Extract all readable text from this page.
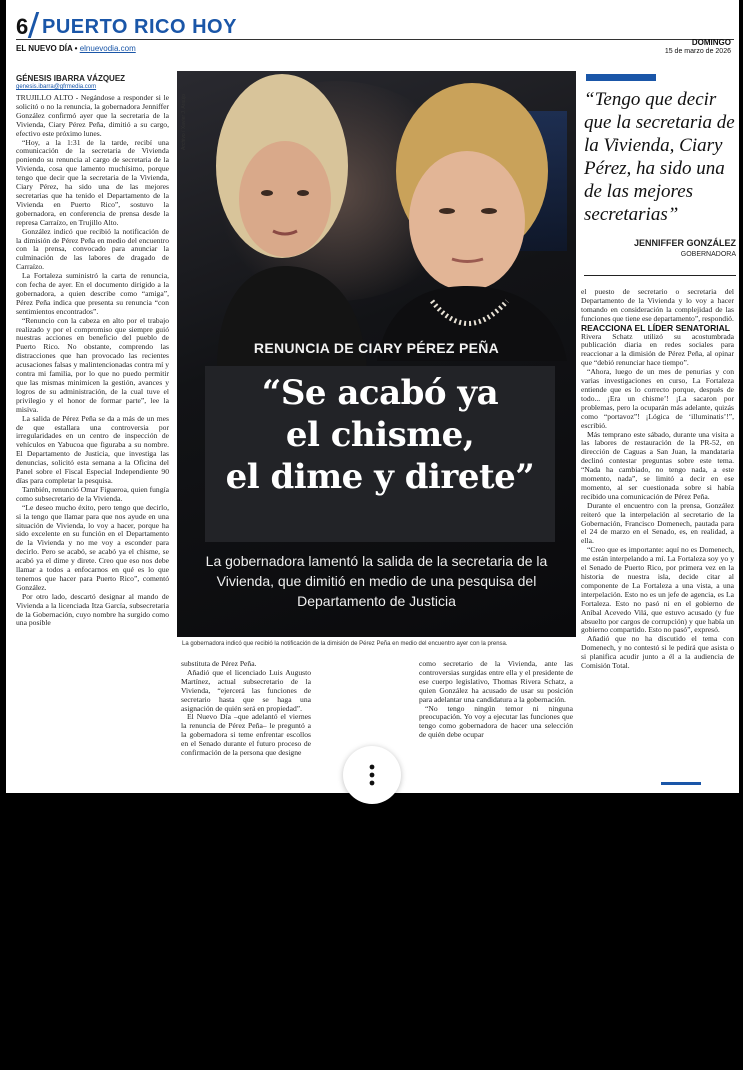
6 PUERTO RICO HOY
EL NUEVO DÍA • elnuevodia.com
DOMINGO
15 de marzo de 2026
GÉNESIS IBARRA VÁZQUEZ
genesis.ibarra@gfrmedia.com

TRUJILLO ALTO - Negándose a responder si le solicitó o no la renuncia, la gobernadora Jenniffer González confirmó ayer que la secretaria de la Vivienda, Ciary Pérez Peña, dimitió a su cargo, efectivo este próximo lunes.

“Hoy, a la 1:31 de la tarde, recibí una comunicación de la secretaria de Vivienda poniendo su renuncia al cargo de secretaria de la Vivienda, cosa que lamento muchísimo, porque tengo que decir que la secretaria de la Vivienda, Ciary Pérez, ha sido una de las mejores secretarias que ha tenido el Departamento de la Vivienda en Puerto Rico”, sostuvo la gobernadora, en conferencia de prensa desde la represa Carraízo, en Trujillo Alto.

González indicó que recibió la notificación de la dimisión de Pérez Peña en medio del encuentro con la prensa, convocado para anunciar la culminación de las labores de dragado de Carraízo.

La Fortaleza suministró la carta de renuncia, con fecha de ayer. En el documento dirigido a la gobernadora, a quien describe como “amiga”, Pérez Peña indica que presenta su renuncia “con sentimientos encontrados”.

“Renuncio con la cabeza en alto por el trabajo realizado y por el compromiso que siempre guió nuestras acciones en beneficio del pueblo de Puerto Rico. No obstante, comprendo las distracciones que han provocado las recientes acusaciones falsas y malintencionadas contra mí y contra mi familia, por lo que no puedo permitir que las mismas minimicen la gestión, avances y logros de su administración, de la cual tuve el privilegio y el honor de formar parte”, lee la misiva.

La salida de Pérez Peña se da a más de un mes de que estallara una controversia por irregularidades en un centro de inspección de vehículos en Yabucoa que figuraba a su nombre. El Departamento de Justicia, que investiga las denuncias, solicitó esta semana a la Oficina del Panel sobre el Fiscal Especial Independiente 90 días para completar la pesquisa.

También, renunció Omar Figueroa, quien fungía como subsecretario de la Vivienda.

“Le deseo mucho éxito, pero tengo que decirlo, si la tengo que llamar para que nos ayude en una situación de Vivienda, lo voy a hacer, porque ha sido excelente en su función en el Departamento de la Vivienda y no me voy a esconder para decirlo. Pero se acabó, se acabó ya el chisme, se acabó ya el dime y direte. Creo que eso nos debe llamar a todos a enfocarnos en qué es lo que tenemos que hacer para Puerto Rico”, comentó González.

Por otro lado, descartó designar al mando de Vivienda a la licenciada Itza García, subsecretaria de la Gobernación, cuyo nombre ha surgido como una posible

Archivo / Xavier J. Araújo
RENUNCIA DE CIARY PÉREZ PEÑA
“Se acabó ya
el chisme,
el dime y direte”
La gobernadora lamentó la salida de la secretaria de la Vivienda, que dimitió en medio de una pesquisa del Departamento de Justicia
La gobernadora indicó que recibió la notificación de la dimisión de Pérez Peña en medio del encuentro ayer con la prensa.

substituta de Pérez Peña.

Añadió que el licenciado Luis Augusto Martínez, actual subsecretario de la Vivienda, “ejercerá las funciones de secretario hasta que se haga una asignación de quién será en propiedad”.

El Nuevo Día –que adelantó el viernes la renuncia de Pérez Peña– le preguntó a la gobernadora si teme enfrentar escollos en el Senado durante el futuro proceso de confirmación de la persona que designe

como secretario de la Vivienda, ante las controversias surgidas entre ella y el presidente de ese cuerpo legislativo, Thomas Rivera Schatz, a quien González ha acusado de usar su posición para adelantar una candidatura a la gobernación.

“No tengo ningún temor ni ninguna preocupación. Yo voy a ejecutar las funciones que tengo como gobernadora de hacer una selección de quién debe ocupar

“Tengo que decir que la secretaria de la Vivienda, Ciary Pérez, ha sido una de las mejores secretarias”
JENNIFFER GONZÁLEZ
GOBERNADORA

el puesto de secretario o secretaria del Departamento de la Vivienda y lo voy a hacer tomando en consideración la complejidad de las funciones que tiene ese departamento”, respondió.

REACCIONA EL LÍDER SENATORIAL

Rivera Schatz utilizó su acostumbrada publicación diaria en redes sociales para reaccionar a la dimisión de Pérez Peña, al opinar que “debió renunciar hace tiempo”.

“Ahora, luego de un mes de penurias y con varias investigaciones en curso, La Fortaleza entiende que es lo correcto porque, después de todo... ¡Era un chisme’! ¡La sacaron por problemas, pero la ocuparán más adelante, quizás como “portavoz”! ¡Lógica de ‘illuminatis’!”, escribió.

Más temprano este sábado, durante una visita a las labores de restauración de la PR-52, en dirección de Caguas a San Juan, la mandataria declinó contestar preguntas sobre este tema. “Nada ha cambiado, no tengo nada, a este momento, nada”, se limitó a decir en ese momento, al ser cuestionada sobre si había recibido una comunicación de Pérez Peña.

Durante el encuentro con la prensa, González reiteró que la interpelación al secretario de la Gobernación, Francisco Domenech, pautada para el 24 de marzo en el Senado, es, en realidad, a ella.

“Creo que es importante: aquí no es Domenech, me están interpelando a mí. La Fortaleza soy yo y el Senado de Puerto Rico, por primera vez en la historia de nuestra isla, decide citar al componente de La Fortaleza a una vista, a una interpelación. Esto no es un jefe de agencia, es La Fortaleza. Esto no pasó ni en el gobierno de Aníbal Acevedo Vilá, que estuvo acusado (y fue absuelto por cargos de corrupción) y que había un gobierno compartido. Esto no pasó”, expresó.

Añadió que no ha discutido el tema con Domenech, y no contestó si le pedirá que asista o si planifica acudir junto a él a la audiencia de Comisión Total.
